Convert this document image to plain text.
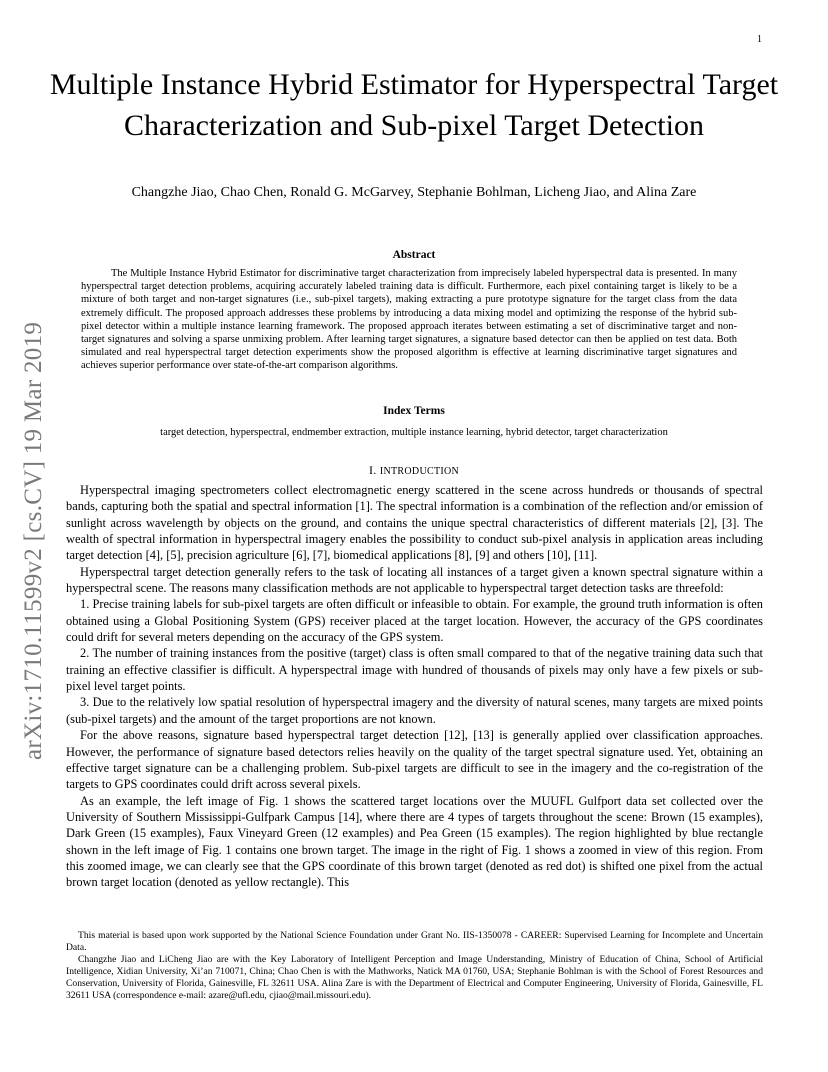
1
arXiv:1710.11599v2 [cs.CV] 19 Mar 2019
Multiple Instance Hybrid Estimator for Hyperspectral Target Characterization and Sub-pixel Target Detection
Changzhe Jiao, Chao Chen, Ronald G. McGarvey, Stephanie Bohlman, Licheng Jiao, and Alina Zare
Abstract

The Multiple Instance Hybrid Estimator for discriminative target characterization from imprecisely labeled hyperspectral data is presented. In many hyperspectral target detection problems, acquiring accurately labeled training data is difficult. Furthermore, each pixel containing target is likely to be a mixture of both target and non-target signatures (i.e., sub-pixel targets), making extracting a pure prototype signature for the target class from the data extremely difficult. The proposed approach addresses these problems by introducing a data mixing model and optimizing the response of the hybrid sub-pixel detector within a multiple instance learning framework. The proposed approach iterates between estimating a set of discriminative target and non-target signatures and solving a sparse unmixing problem. After learning target signatures, a signature based detector can then be applied on test data. Both simulated and real hyperspectral target detection experiments show the proposed algorithm is effective at learning discriminative target signatures and achieves superior performance over state-of-the-art comparison algorithms.

Index Terms
target detection, hyperspectral, endmember extraction, multiple instance learning, hybrid detector, target characterization
I. INTRODUCTION

Hyperspectral imaging spectrometers collect electromagnetic energy scattered in the scene across hundreds or thousands of spectral bands, capturing both the spatial and spectral information [1]. The spectral information is a combination of the reflection and/or emission of sunlight across wavelength by objects on the ground, and contains the unique spectral characteristics of different materials [2], [3]. The wealth of spectral information in hyperspectral imagery enables the possibility to conduct sub-pixel analysis in application areas including target detection [4], [5], precision agriculture [6], [7], biomedical applications [8], [9] and others [10], [11].

Hyperspectral target detection generally refers to the task of locating all instances of a target given a known spectral signature within a hyperspectral scene. The reasons many classification methods are not applicable to hyperspectral target detection tasks are threefold:

1. Precise training labels for sub-pixel targets are often difficult or infeasible to obtain. For example, the ground truth information is often obtained using a Global Positioning System (GPS) receiver placed at the target location. However, the accuracy of the GPS coordinates could drift for several meters depending on the accuracy of the GPS system.

2. The number of training instances from the positive (target) class is often small compared to that of the negative training data such that training an effective classifier is difficult. A hyperspectral image with hundred of thousands of pixels may only have a few pixels or sub-pixel level target points.

3. Due to the relatively low spatial resolution of hyperspectral imagery and the diversity of natural scenes, many targets are mixed points (sub-pixel targets) and the amount of the target proportions are not known.

For the above reasons, signature based hyperspectral target detection [12], [13] is generally applied over classification approaches. However, the performance of signature based detectors relies heavily on the quality of the target spectral signature used. Yet, obtaining an effective target signature can be a challenging problem. Sub-pixel targets are difficult to see in the imagery and the co-registration of the targets to GPS coordinates could drift across several pixels.

As an example, the left image of Fig. 1 shows the scattered target locations over the MUUFL Gulfport data set collected over the University of Southern Mississippi-Gulfpark Campus [14], where there are 4 types of targets throughout the scene: Brown (15 examples), Dark Green (15 examples), Faux Vineyard Green (12 examples) and Pea Green (15 examples). The region highlighted by blue rectangle shown in the left image of Fig. 1 contains one brown target. The image in the right of Fig. 1 shows a zoomed in view of this region. From this zoomed image, we can clearly see that the GPS coordinate of this brown target (denoted as red dot) is shifted one pixel from the actual brown target location (denoted as yellow rectangle). This

This material is based upon work supported by the National Science Foundation under Grant No. IIS-1350078 - CAREER: Supervised Learning for Incomplete and Uncertain Data.

Changzhe Jiao and LiCheng Jiao are with the Key Laboratory of Intelligent Perception and Image Understanding, Ministry of Education of China, School of Artificial Intelligence, Xidian University, Xi’an 710071, China; Chao Chen is with the Mathworks, Natick MA 01760, USA; Stephanie Bohlman is with the School of Forest Resources and Conservation, University of Florida, Gainesville, FL 32611 USA. Alina Zare is with the Department of Electrical and Computer Engineering, University of Florida, Gainesville, FL 32611 USA (correspondence e-mail: azare@ufl.edu, cjiao@mail.missouri.edu).
